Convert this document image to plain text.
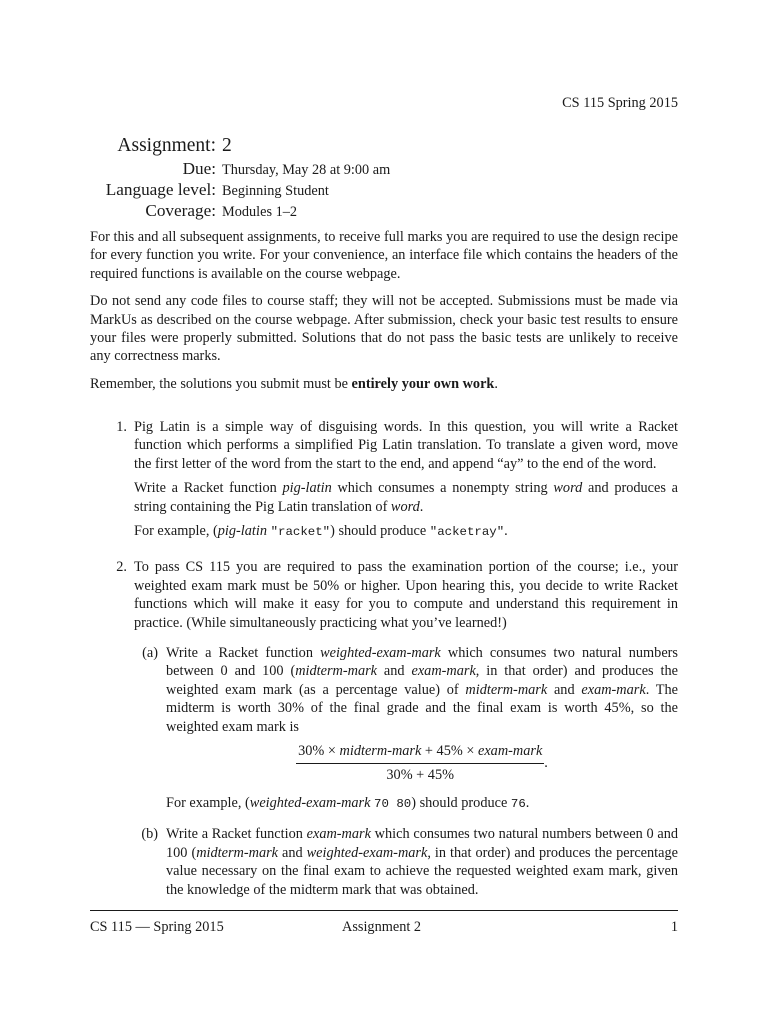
CS 115 Spring 2015
Assignment: 2
Due: Thursday, May 28 at 9:00 am
Language level: Beginning Student
Coverage: Modules 1–2

For this and all subsequent assignments, to receive full marks you are required to use the design recipe for every function you write. For your convenience, an interface file which contains the headers of the required functions is available on the course webpage.

Do not send any code files to course staff; they will not be accepted. Submissions must be made via MarkUs as described on the course webpage. After submission, check your basic test results to ensure your files were properly submitted. Solutions that do not pass the basic tests are unlikely to receive any correctness marks.

Remember, the solutions you submit must be entirely your own work.

1. Pig Latin is a simple way of disguising words. In this question, you will write a Racket function which performs a simplified Pig Latin translation. To translate a given word, move the first letter of the word from the start to the end, and append “ay” to the end of the word.

Write a Racket function pig-latin which consumes a nonempty string word and produces a string containing the Pig Latin translation of word.

For example, (pig-latin "racket") should produce "acketray".

2. To pass CS 115 you are required to pass the examination portion of the course; i.e., your weighted exam mark must be 50% or higher. Upon hearing this, you decide to write Racket functions which will make it easy for you to compute and understand this requirement in practice. (While simultaneously practicing what you’ve learned!)

(a) Write a Racket function weighted-exam-mark which consumes two natural numbers between 0 and 100 (midterm-mark and exam-mark, in that order) and produces the weighted exam mark (as a percentage value) of midterm-mark and exam-mark. The midterm is worth 30% of the final grade and the final exam is worth 45%, so the weighted exam mark is

$\frac{\text{30\% × midterm-mark + 45\% × exam-mark}}{30\% + 45\%}$ .

For example, (weighted-exam-mark 70 80) should produce 76.

(b) Write a Racket function exam-mark which consumes two natural numbers between 0 and 100 (midterm-mark and weighted-exam-mark, in that order) and produces the percentage value necessary on the final exam to achieve the requested weighted exam mark, given the knowledge of the midterm mark that was obtained.

CS 115 — Spring 2015	Assignment 2	1
